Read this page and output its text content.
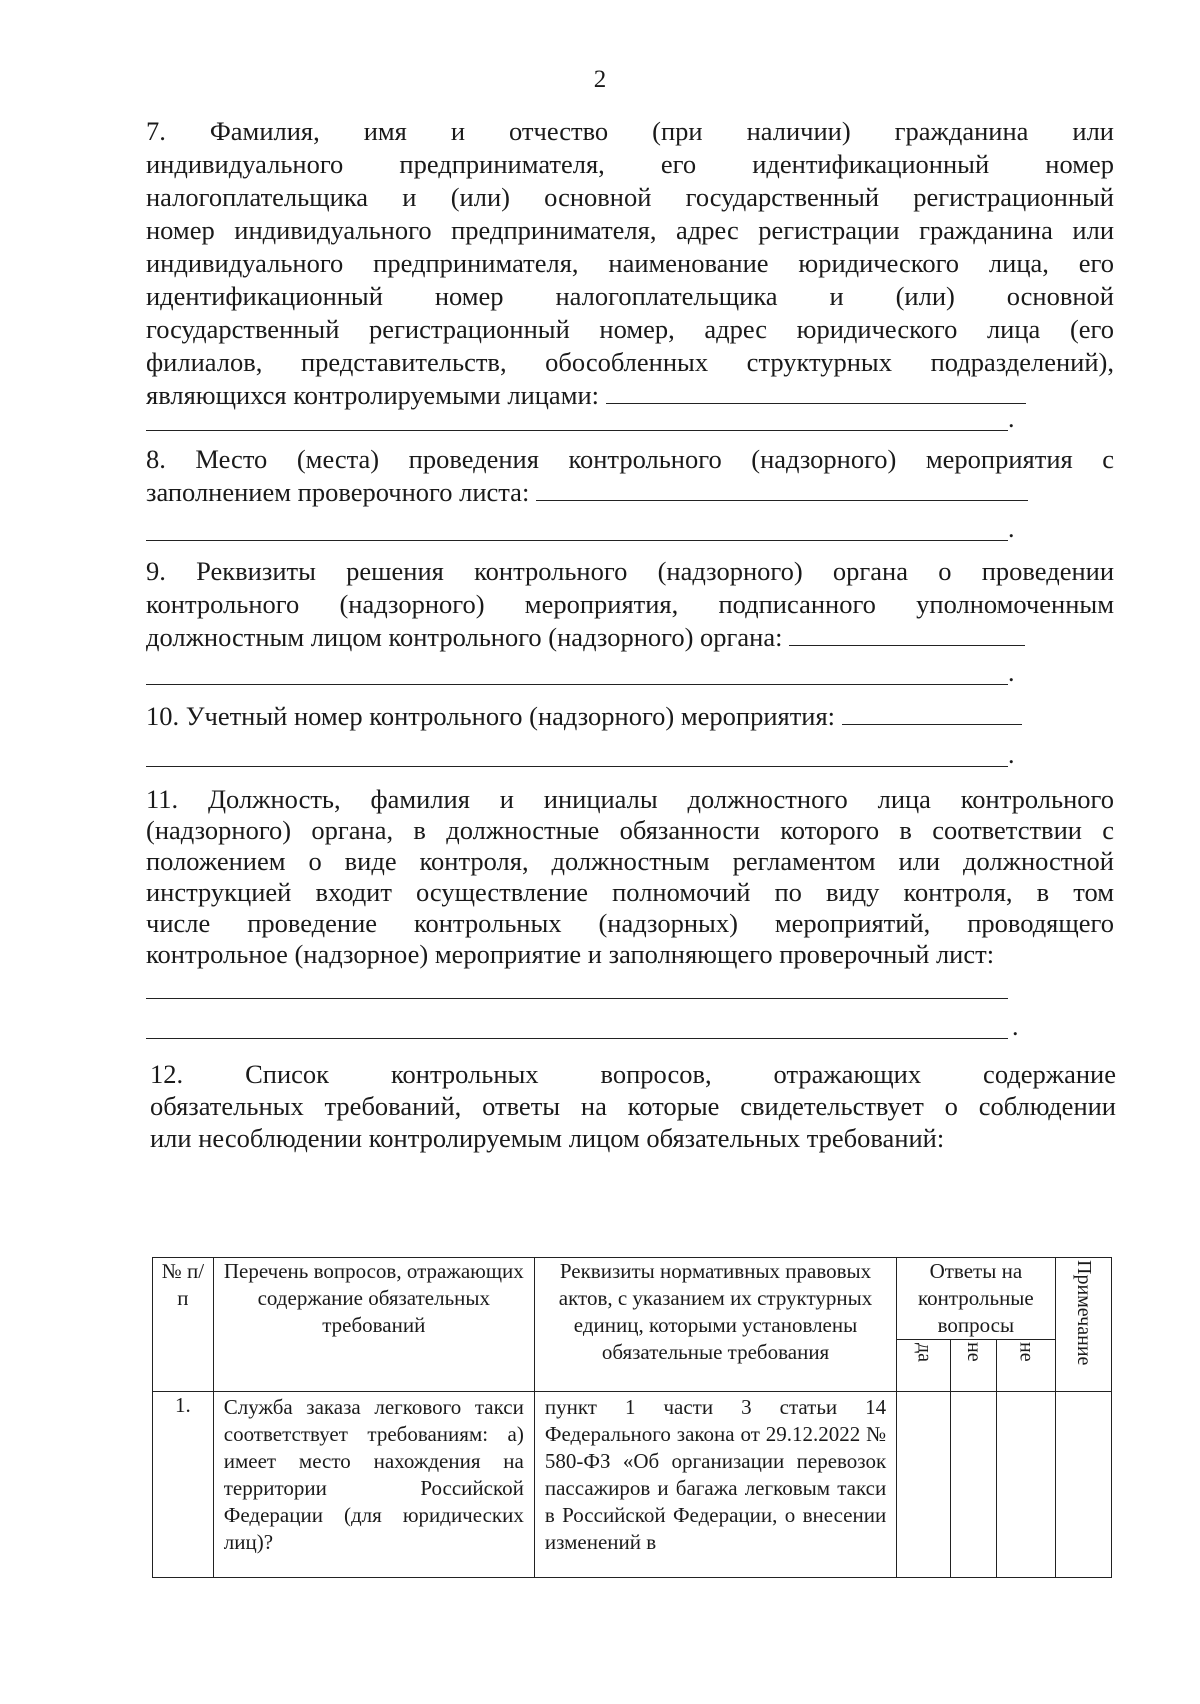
2

7. Фамилия, имя и отчество (при наличии) гражданина или

индивидуального предпринимателя, его идентификационный номер

налогоплательщика и (или) основной государственный регистрационный

номер индивидуального предпринимателя, адрес регистрации гражданина или

индивидуального предпринимателя, наименование юридического лица, его

идентификационный номер налогоплательщика и (или) основной

государственный регистрационный номер, адрес юридического лица (его

филиалов, представительств, обособленных структурных подразделений),

являющихся контролируемыми лицами:

.

8. Место (места) проведения контрольного (надзорного) мероприятия с

заполнением проверочного листа:

.

9. Реквизиты решения контрольного (надзорного) органа о проведении

контрольного (надзорного) мероприятия, подписанного уполномоченным

должностным лицом контрольного (надзорного) органа:

.

10. Учетный номер контрольного (надзорного) мероприятия:

.

11. Должность, фамилия и инициалы должностного лица контрольного

(надзорного) органа, в должностные обязанности которого в соответствии с

положением о виде контроля, должностным регламентом или должностной

инструкцией входит осуществление полномочий по виду контроля, в том

числе проведение контрольных (надзорных) мероприятий, проводящего

контрольное (надзорное) мероприятие и заполняющего проверочный лист:

.

12. Список контрольных вопросов, отражающих содержание

обязательных требований, ответы на которые свидетельствует о соблюдении

или несоблюдении контролируемым лицом обязательных требований:

№ п/п	Перечень вопросов, отражающих содержание обязательных требований	Реквизиты нормативных правовых актов, с указанием их структурных единиц, которыми установлены обязательные требования	Ответы на контрольные вопросы			Примечание

			да	не	не	
1.	Служба заказа легкового такси соответствует требованиям: а) имеет место нахождения на территории Российской Федерации (для юридических лиц)?	пункт 1 части 3 статьи 14 Федерального закона от 29.12.2022 № 580-ФЗ «Об организации перевозок пассажиров и багажа легковым такси в Российской Федерации, о внесении изменений в				
